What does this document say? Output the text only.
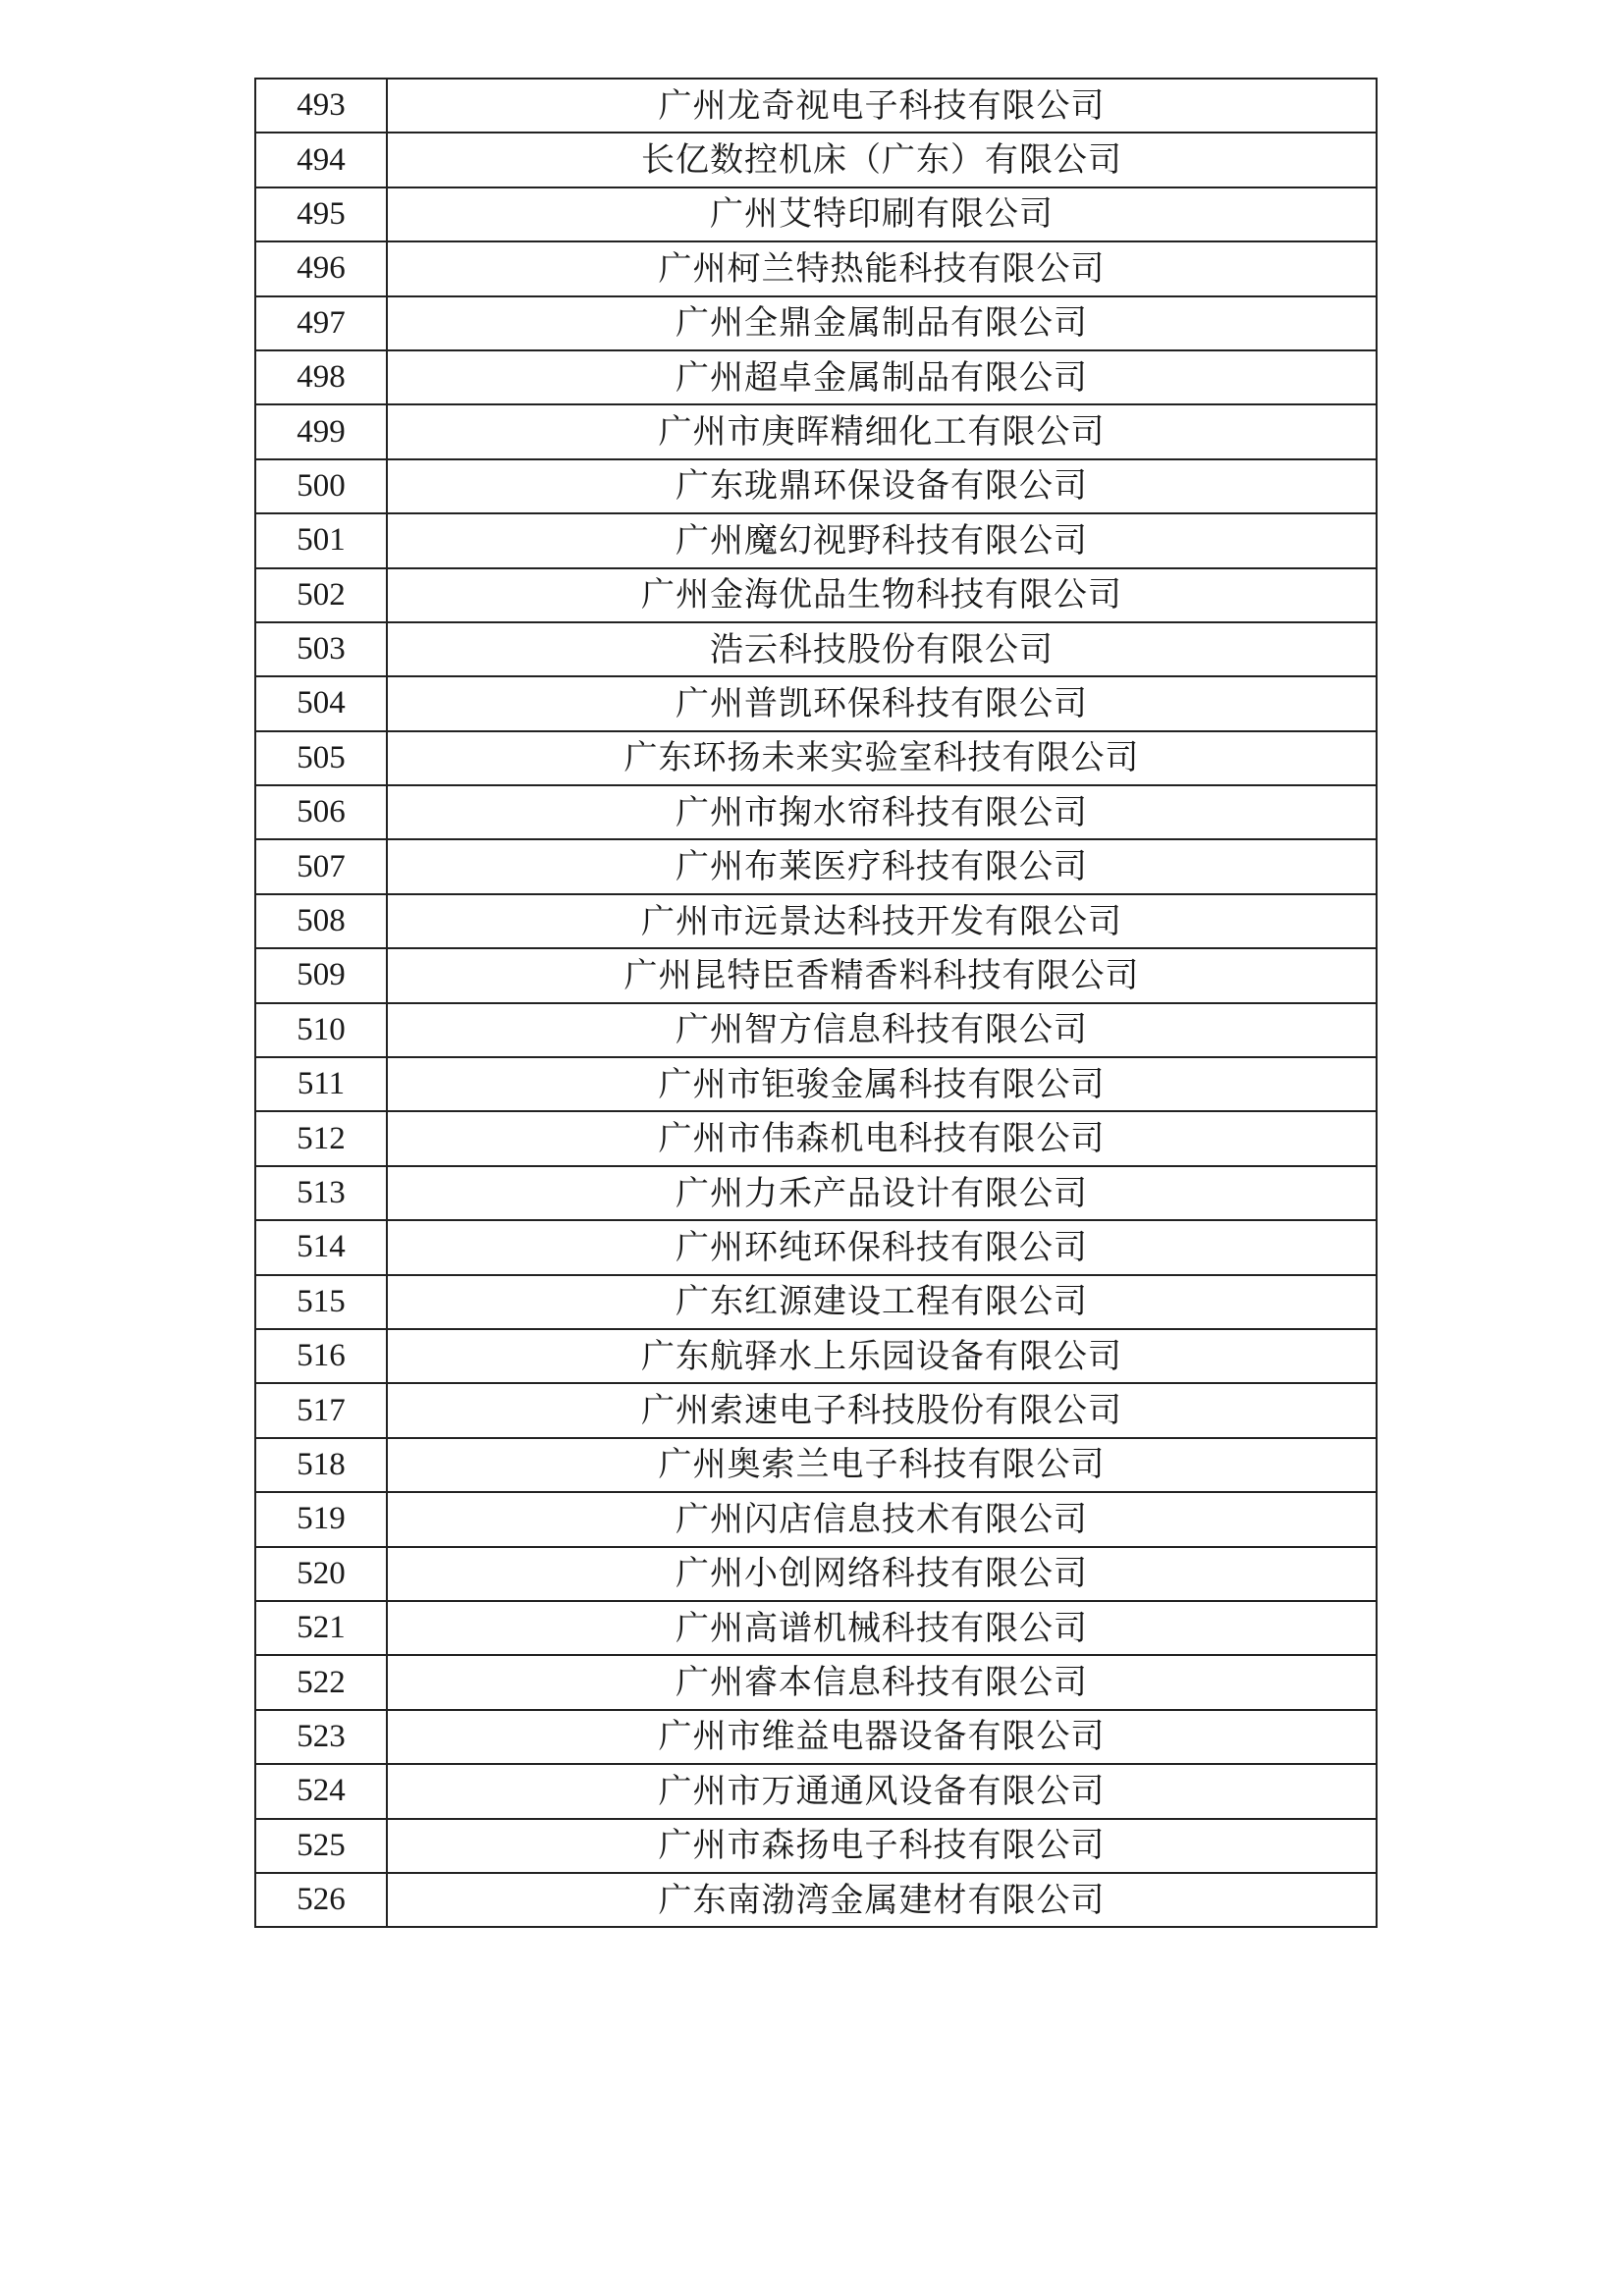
493	广州龙奇视电子科技有限公司
494	长亿数控机床（广东）有限公司
495	广州艾特印刷有限公司
496	广州柯兰特热能科技有限公司
497	广州全鼎金属制品有限公司
498	广州超卓金属制品有限公司
499	广州市庚晖精细化工有限公司
500	广东珑鼎环保设备有限公司
501	广州魔幻视野科技有限公司
502	广州金海优品生物科技有限公司
503	浩云科技股份有限公司
504	广州普凯环保科技有限公司
505	广东环扬未来实验室科技有限公司
506	广州市掬水帘科技有限公司
507	广州布莱医疗科技有限公司
508	广州市远景达科技开发有限公司
509	广州昆特臣香精香料科技有限公司
510	广州智方信息科技有限公司
511	广州市钜骏金属科技有限公司
512	广州市伟森机电科技有限公司
513	广州力禾产品设计有限公司
514	广州环纯环保科技有限公司
515	广东红源建设工程有限公司
516	广东航驿水上乐园设备有限公司
517	广州索速电子科技股份有限公司
518	广州奥索兰电子科技有限公司
519	广州闪店信息技术有限公司
520	广州小创网络科技有限公司
521	广州高谱机械科技有限公司
522	广州睿本信息科技有限公司
523	广州市维益电器设备有限公司
524	广州市万通通风设备有限公司
525	广州市森扬电子科技有限公司
526	广东南渤湾金属建材有限公司
